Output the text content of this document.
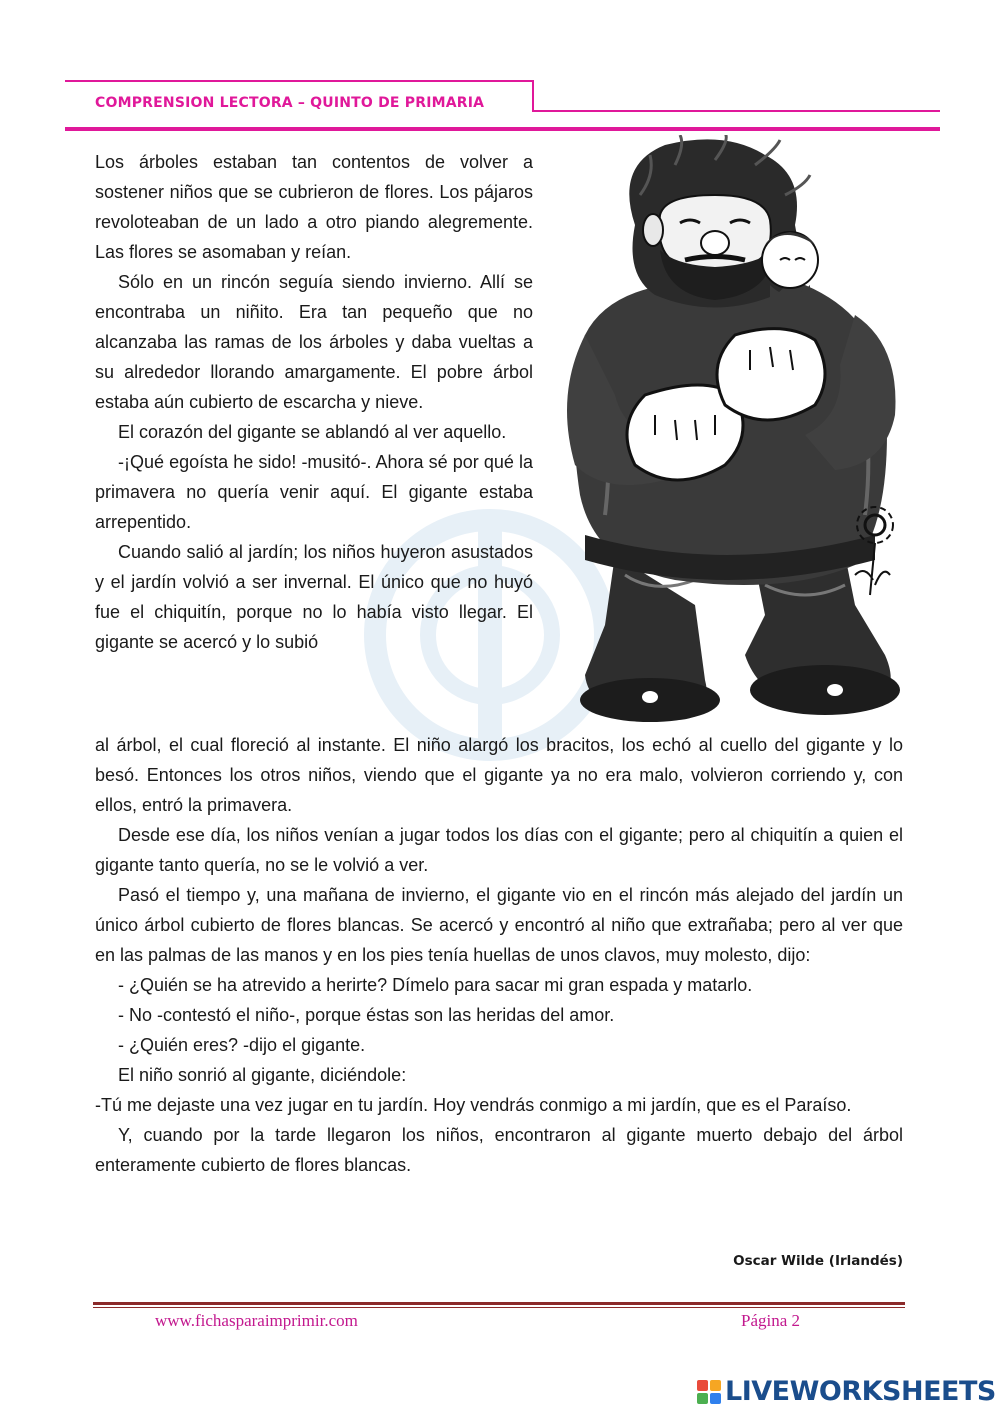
COMPRENSION LECTORA – QUINTO DE PRIMARIA

Los árboles estaban tan contentos de volver a sostener niños que se cubrieron de flores. Los pájaros revoloteaban de un lado a otro piando alegremente. Las flores se asomaban y reían.

Sólo en un rincón seguía siendo invierno. Allí se encontraba un niñito. Era tan pequeño que no alcanzaba las ramas de los árboles y daba vueltas a su alrededor llorando amargamente. El pobre árbol estaba aún cubierto de escarcha y nieve.

El corazón del gigante se ablandó al ver aquello.

-¡Qué egoísta he sido! -musitó-. Ahora sé por qué la primavera no quería venir aquí. El gigante estaba arrepentido.

Cuando salió al jardín; los niños huyeron asustados y el jardín volvió a ser invernal. El único que no huyó fue el chiquitín, porque no lo había visto llegar. El gigante se acercó y lo subió

al árbol, el cual floreció al instante. El niño alargó los bracitos, los echó al cuello del gigante y lo besó. Entonces los otros niños, viendo que el gigante ya no era malo, volvieron corriendo y, con ellos, entró la primavera.

Desde ese día, los niños venían a jugar todos los días con el gigante; pero al chiquitín a quien el gigante tanto quería, no se le volvió a ver.

Pasó el tiempo y, una mañana de invierno, el gigante vio en el rincón más alejado del jardín un único árbol cubierto de flores blancas. Se acercó y encontró al niño que extrañaba; pero al ver que en las palmas de las manos y en los pies tenía huellas de unos clavos, muy molesto, dijo:

- ¿Quién se ha atrevido a herirte? Dímelo para sacar mi gran espada y matarlo.

- No -contestó el niño-, porque éstas son las heridas del amor.

- ¿Quién eres? -dijo el gigante.

El niño sonrió al gigante, diciéndole:

-Tú me dejaste una vez jugar en tu jardín. Hoy vendrás conmigo a mi jardín, que es el Paraíso.

Y, cuando por la tarde llegaron los niños, encontraron al gigante muerto debajo del árbol enteramente cubierto de flores blancas.

Oscar Wilde (Irlandés)
www.fichasparaimprimir.com	Página 2
LIVEWORKSHEETS
